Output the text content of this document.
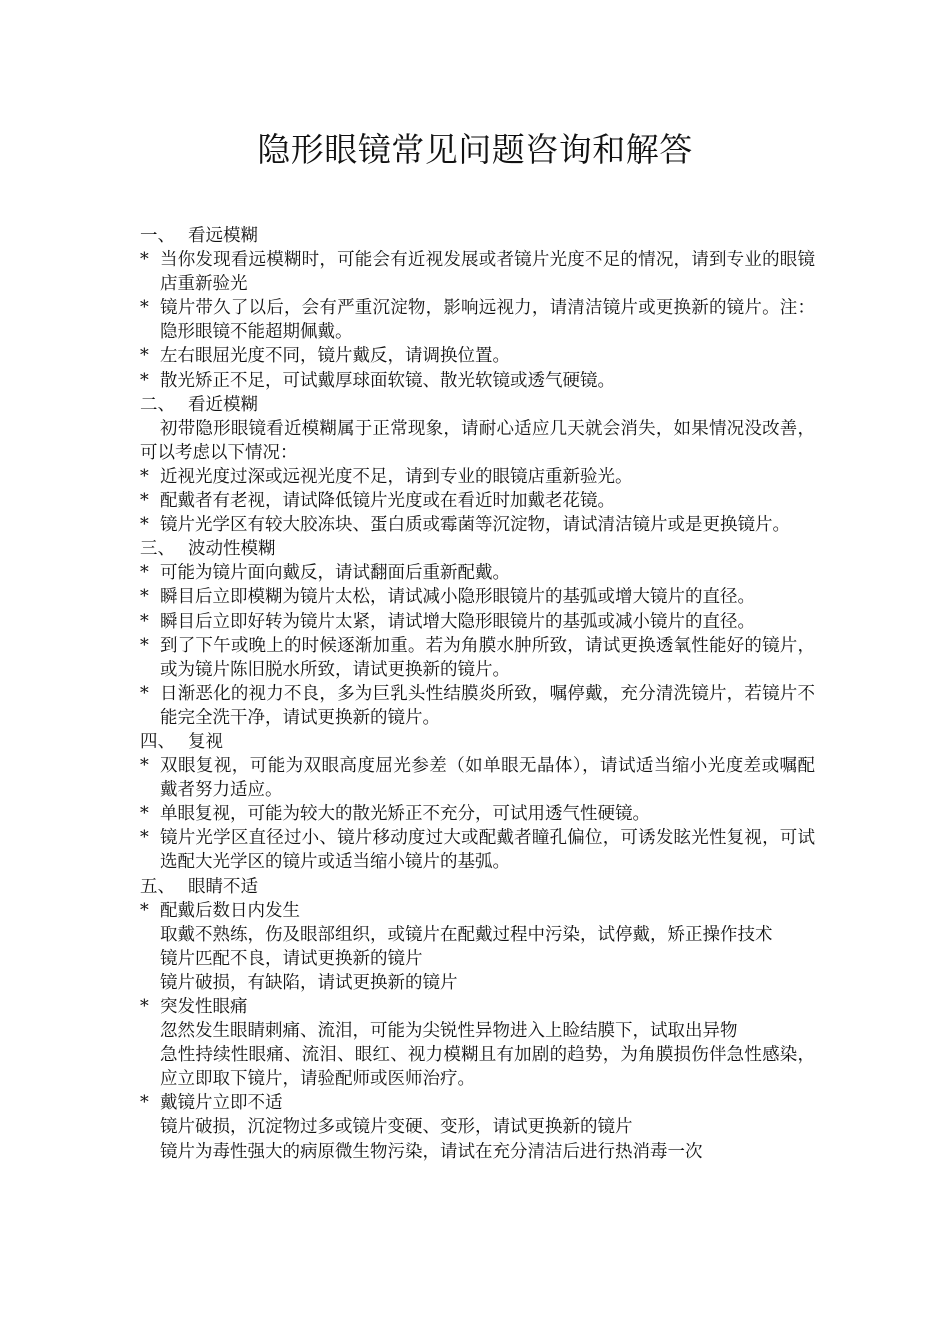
隐形眼镜常见问题咨询和解答
一、 看远模糊
* 当你发现看远模糊时，可能会有近视发展或者镜片光度不足的情况，请到专业的眼镜店重新验光
* 镜片带久了以后，会有严重沉淀物，影响远视力，请清洁镜片或更换新的镜片。注：隐形眼镜不能超期佩戴。
* 左右眼屈光度不同，镜片戴反，请调换位置。
* 散光矫正不足，可试戴厚球面软镜、散光软镜或透气硬镜。
二、 看近模糊
初带隐形眼镜看近模糊属于正常现象，请耐心适应几天就会消失，如果情况没改善，可以考虑以下情况：
* 近视光度过深或远视光度不足，请到专业的眼镜店重新验光。
* 配戴者有老视，请试降低镜片光度或在看近时加戴老花镜。
* 镜片光学区有较大胶冻块、蛋白质或霉菌等沉淀物，请试清洁镜片或是更换镜片。
三、 波动性模糊
* 可能为镜片面向戴反，请试翻面后重新配戴。
* 瞬目后立即模糊为镜片太松，请试减小隐形眼镜片的基弧或增大镜片的直径。
* 瞬目后立即好转为镜片太紧，请试增大隐形眼镜片的基弧或减小镜片的直径。
* 到了下午或晚上的时候逐渐加重。若为角膜水肿所致，请试更换透氧性能好的镜片，或为镜片陈旧脱水所致，请试更换新的镜片。
* 日渐恶化的视力不良，多为巨乳头性结膜炎所致，嘱停戴，充分清洗镜片，若镜片不能完全洗干净，请试更换新的镜片。
四、 复视
* 双眼复视，可能为双眼高度屈光参差（如单眼无晶体），请试适当缩小光度差或嘱配戴者努力适应。
* 单眼复视，可能为较大的散光矫正不充分，可试用透气性硬镜。
* 镜片光学区直径过小、镜片移动度过大或配戴者瞳孔偏位，可诱发眩光性复视，可试选配大光学区的镜片或适当缩小镜片的基弧。
五、 眼睛不适
* 配戴后数日内发生
取戴不熟练，伤及眼部组织，或镜片在配戴过程中污染，试停戴，矫正操作技术
镜片匹配不良，请试更换新的镜片
镜片破损，有缺陷，请试更换新的镜片
* 突发性眼痛
忽然发生眼睛刺痛、流泪，可能为尖锐性异物进入上睑结膜下，试取出异物
急性持续性眼痛、流泪、眼红、视力模糊且有加剧的趋势，为角膜损伤伴急性感染，应立即取下镜片，请验配师或医师治疗。
* 戴镜片立即不适
镜片破损，沉淀物过多或镜片变硬、变形，请试更换新的镜片
镜片为毒性强大的病原微生物污染，请试在充分清洁后进行热消毒一次
